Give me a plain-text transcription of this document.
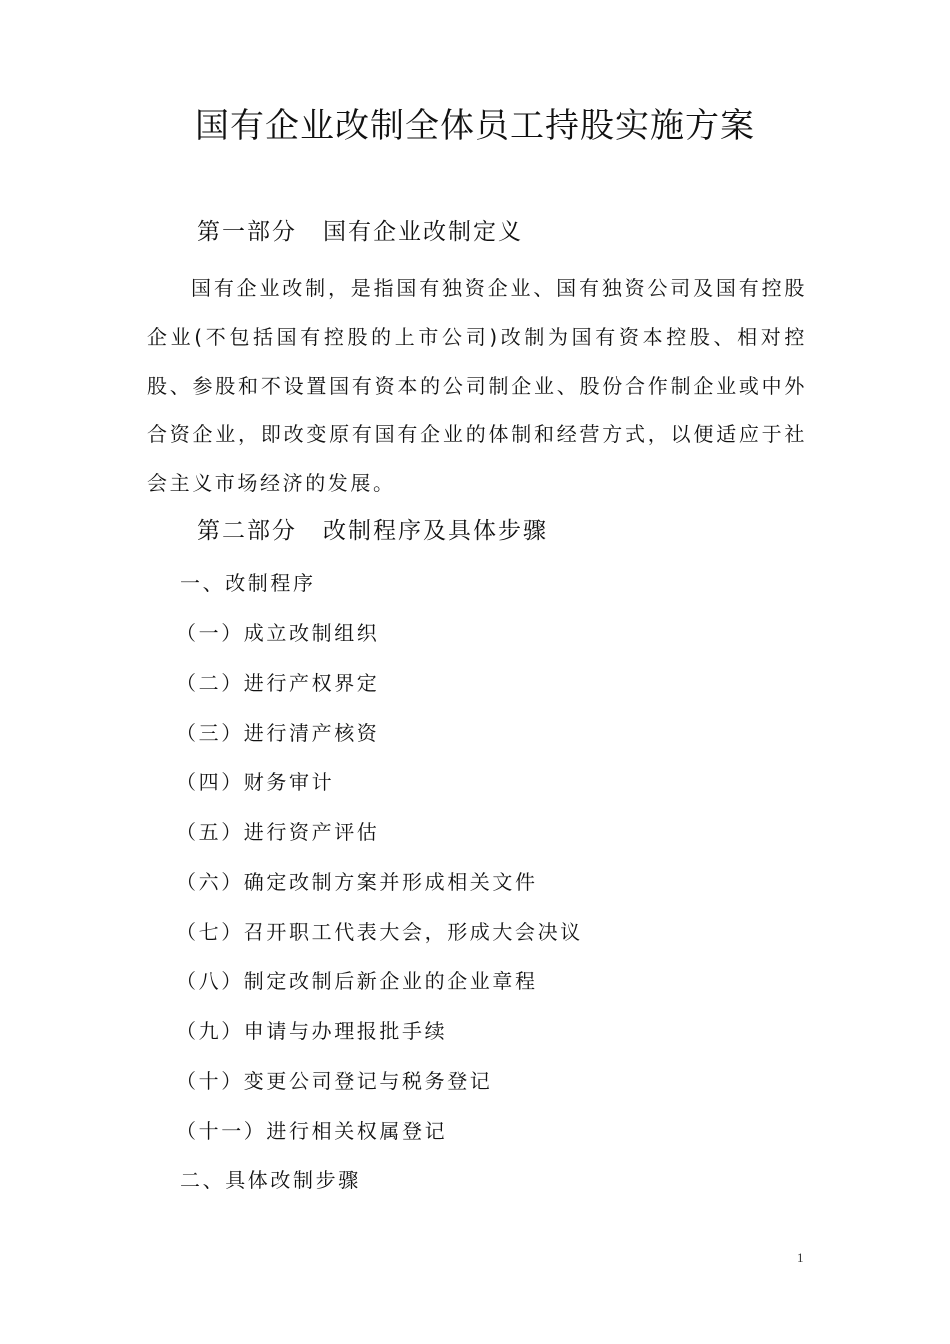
国有企业改制全体员工持股实施方案
第一部分 国有企业改制定义

国有企业改制，是指国有独资企业、国有独资公司及国有控股企业(不包括国有控股的上市公司)改制为国有资本控股、相对控股、参股和不设置国有资本的公司制企业、股份合作制企业或中外合资企业，即改变原有国有企业的体制和经营方式，以便适应于社会主义市场经济的发展。

第二部分 改制程序及具体步骤
一、改制程序
（一）成立改制组织
（二）进行产权界定
（三）进行清产核资
（四）财务审计
（五）进行资产评估
（六）确定改制方案并形成相关文件
（七）召开职工代表大会，形成大会决议
（八）制定改制后新企业的企业章程
（九）申请与办理报批手续
（十）变更公司登记与税务登记
（十一）进行相关权属登记
二、具体改制步骤
1
